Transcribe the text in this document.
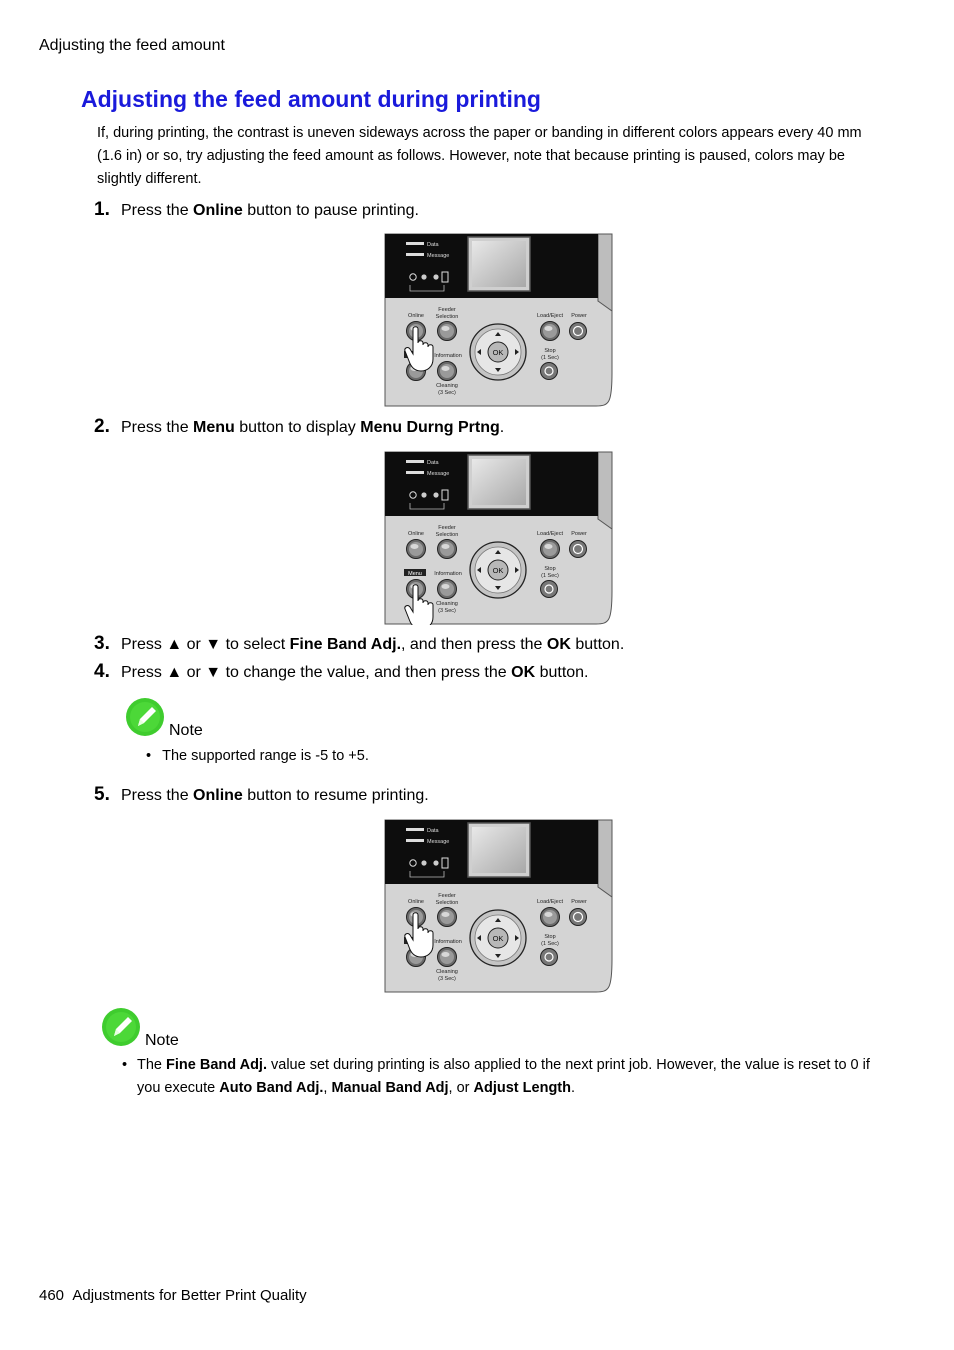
Adjusting the feed amount
Adjusting the feed amount during printing
If, during printing, the contrast is uneven sideways across the paper or banding in different colors appears every 40 mm (1.6 in) or so, try adjusting the feed amount as follows. However, note that because printing is paused, colors may be slightly different.
1. Press the Online button to pause printing.
Data
Message
Online
Feeder
Selection	Load/Eject Power
Stop
(1 Sec)
Information
Cleaning
(3 Sec)
OK
2. Press the Menu button to display Menu Durng Prtng.
Data
Message
Online
Feeder
Selection	Load/Eject Power
Stop
(1 Sec)
Menu Information
Cleaning
(3 Sec)
OK
3. Press ▲ or ▼ to select Fine Band Adj., and then press the OK button.
4. Press ▲ or ▼ to change the value, and then press the OK button.
Note
• The supported range is -5 to +5.
5. Press the Online button to resume printing.
Data
Message
Online
Feeder
Selection	Load/Eject Power
Stop
(1 Sec)
Information
Cleaning
(3 Sec)
OK
Note
• The Fine Band Adj. value set during printing is also applied to the next print job. However, the value is reset to 0 if you execute Auto Band Adj., Manual Band Adj, or Adjust Length.
460 Adjustments for Better Print Quality
